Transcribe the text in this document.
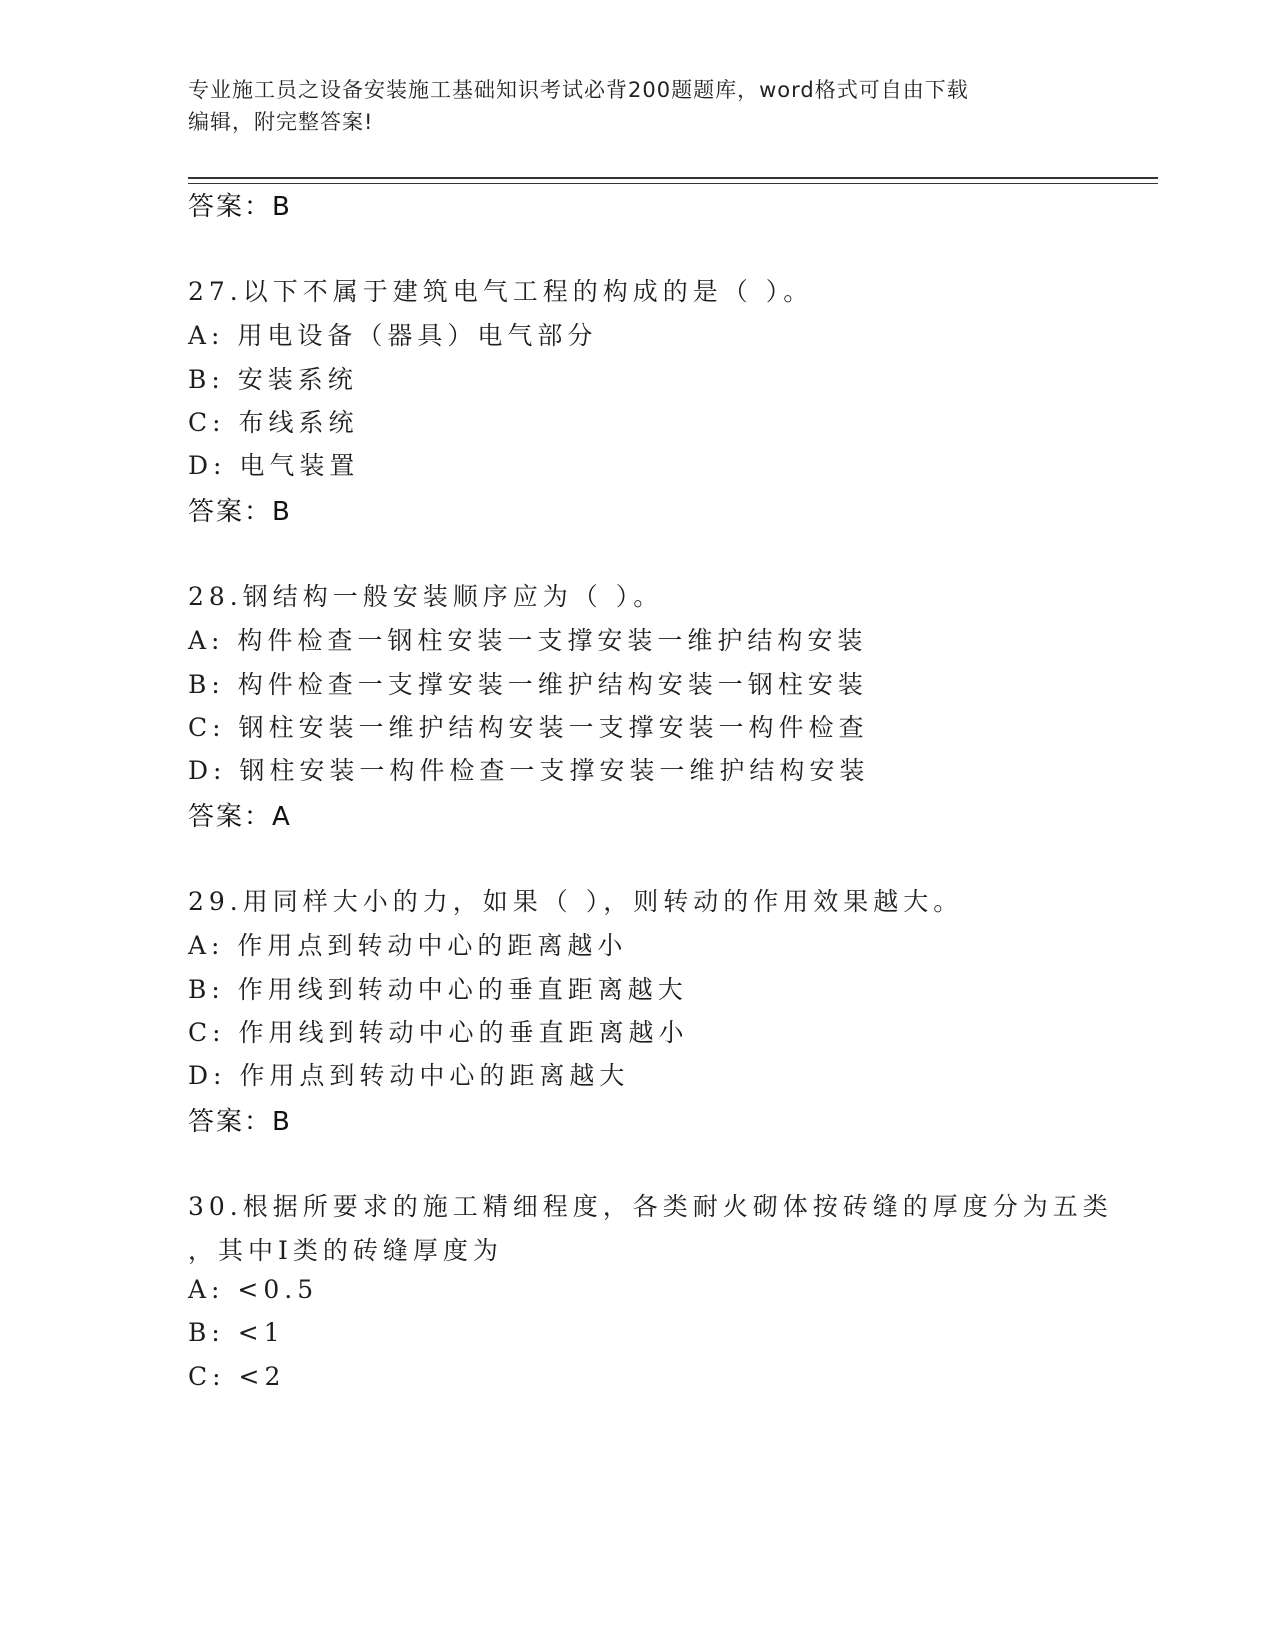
专业施工员之设备安装施工基础知识考试必背200题题库，word格式可自由下载
编辑，附完整答案!
答案：B
27.以下不属于建筑电气工程的构成的是（ ）。
A: 用电设备（器具）电气部分
B: 安装系统
C: 布线系统
D: 电气装置
答案：B
28.钢结构一般安装顺序应为（ ）。
A: 构件检查一钢柱安装一支撑安装一维护结构安装
B: 构件检查一支撑安装一维护结构安装一钢柱安装
C: 钢柱安装一维护结构安装一支撑安装一构件检查
D: 钢柱安装一构件检查一支撑安装一维护结构安装
答案：A
29.用同样大小的力，如果（ ），则转动的作用效果越大。
A: 作用点到转动中心的距离越小
B: 作用线到转动中心的垂直距离越大
C: 作用线到转动中心的垂直距离越小
D: 作用点到转动中心的距离越大
答案：B
30.根据所要求的施工精细程度，各类耐火砌体按砖缝的厚度分为五类
，其中Ⅰ类的砖缝厚度为
A: <0.5
B: <1
C: <2
